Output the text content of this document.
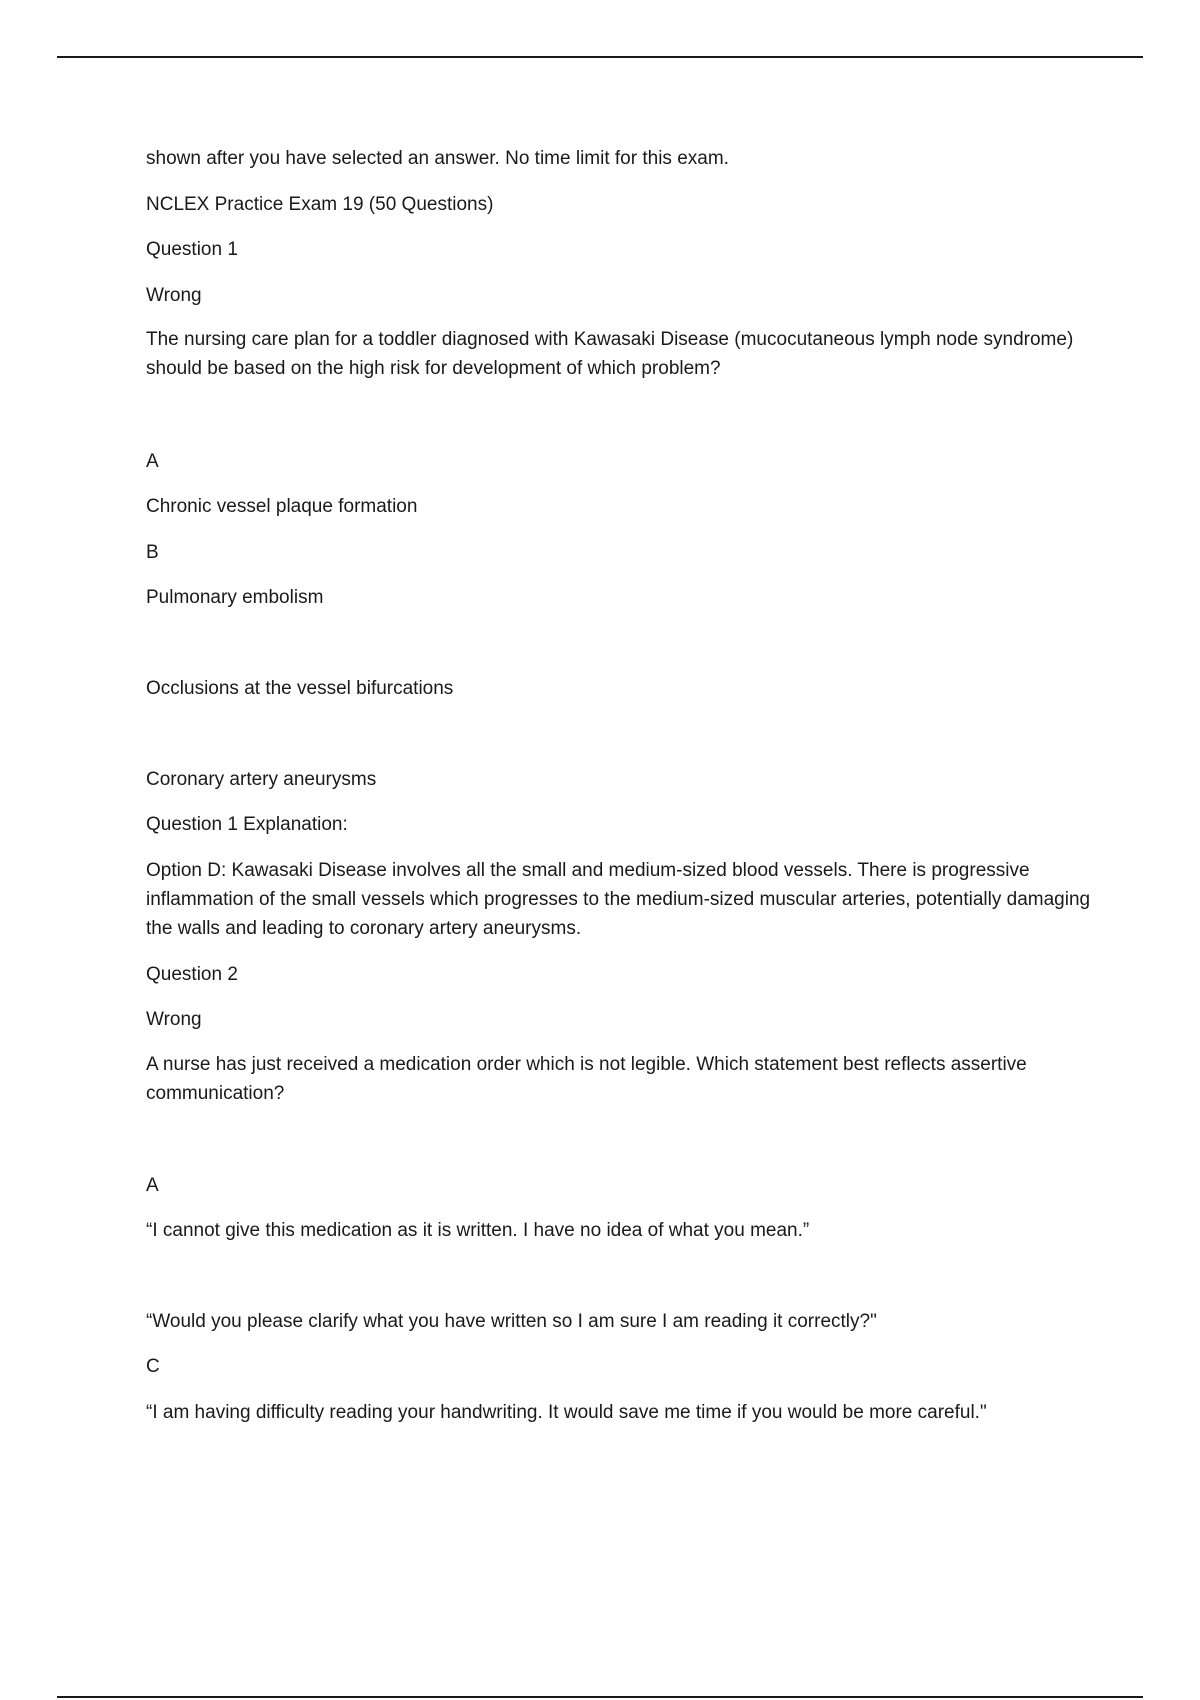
shown after you have selected an answer. No time limit for this exam.
NCLEX Practice Exam 19 (50 Questions)
Question 1
Wrong
The nursing care plan for a toddler diagnosed with Kawasaki Disease (mucocutaneous lymph node syndrome) should be based on the high risk for development of which problem?
A
Chronic vessel plaque formation
B
Pulmonary embolism
Occlusions at the vessel bifurcations
Coronary artery aneurysms
Question 1 Explanation:
Option D: Kawasaki Disease involves all the small and medium-sized blood vessels. There is progressive inflammation of the small vessels which progresses to the medium-sized muscular arteries, potentially damaging the walls and leading to coronary artery aneurysms.
Question 2
Wrong
A nurse has just received a medication order which is not legible. Which statement best reflects assertive communication?
A
“I cannot give this medication as it is written. I have no idea of what you mean.”
“Would you please clarify what you have written so I am sure I am reading it correctly?"
C
“I am having difficulty reading your handwriting. It would save me time if you would be more careful."
